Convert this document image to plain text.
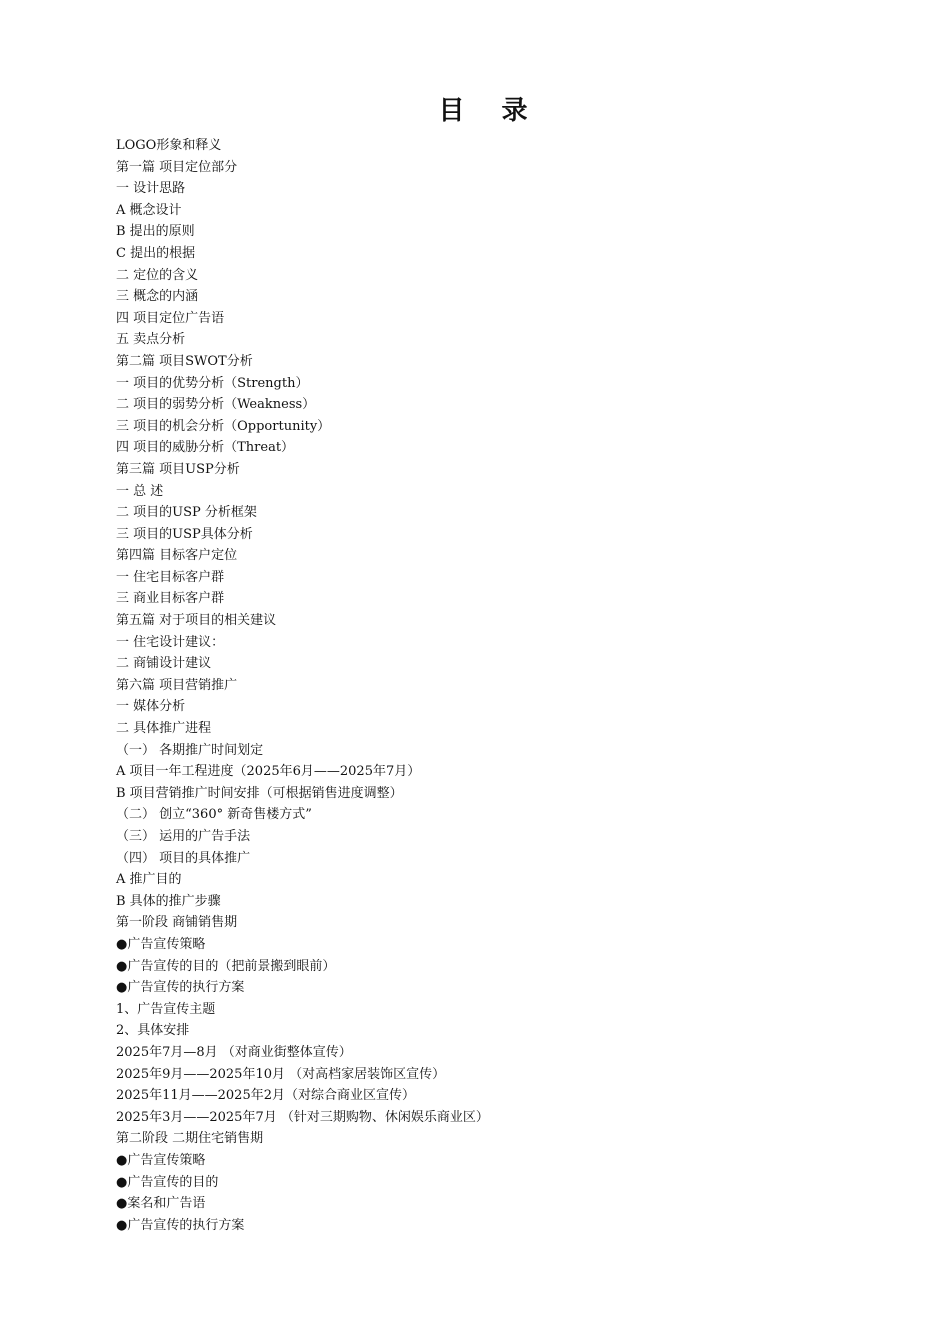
目 录
LOGO形象和释义
第一篇 项目定位部分
一 设计思路
A 概念设计
B 提出的原则
C 提出的根据
二 定位的含义
三 概念的内涵
四 项目定位广告语
五 卖点分析
第二篇 项目SWOT分析
一 项目的优势分析（Strength）
二 项目的弱势分析（Weakness）
三 项目的机会分析（Opportunity）
四 项目的威胁分析（Threat）
第三篇 项目USP分析
一 总 述
二 项目的USP 分析框架
三 项目的USP具体分析
第四篇 目标客户定位
一 住宅目标客户群
三 商业目标客户群
第五篇 对于项目的相关建议
一 住宅设计建议：
二 商铺设计建议
第六篇 项目营销推广
一 媒体分析
二 具体推广进程
（一） 各期推广时间划定
A 项目一年工程进度（2025年6月——2025年7月）
B 项目营销推广时间安排（可根据销售进度调整）
（二） 创立“360° 新奇售楼方式”
（三） 运用的广告手法
（四） 项目的具体推广
A 推广目的
B 具体的推广步骤
第一阶段 商铺销售期
●广告宣传策略
●广告宣传的目的（把前景搬到眼前）
●广告宣传的执行方案
1、广告宣传主题
2、具体安排
2025年7月—8月 （对商业街整体宣传）
2025年9月——2025年10月 （对高档家居装饰区宣传）
2025年11月——2025年2月（对综合商业区宣传）
2025年3月——2025年7月 （针对三期购物、休闲娱乐商业区）
第二阶段 二期住宅销售期
●广告宣传策略
●广告宣传的目的
●案名和广告语
●广告宣传的执行方案
